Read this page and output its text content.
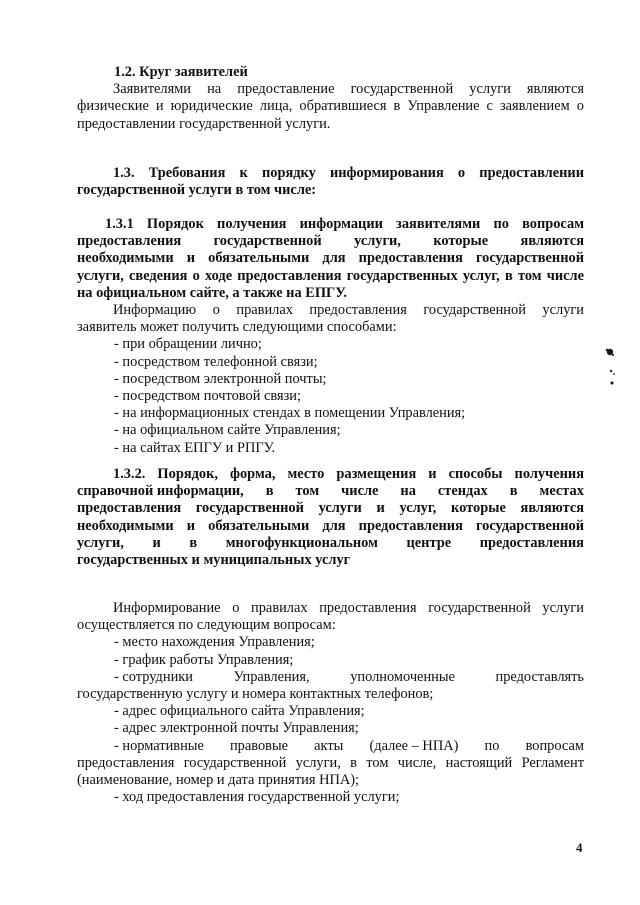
1.2. Круг заявителей

Заявителями на предоставление государственной услуги являются

физические и юридические лица, обратившиеся в Управление с заявлением о предоставлении государственной услуги.

1.3. Требования к порядку информирования о предоставлении

государственной услуги в том числе:

1.3.1 Порядок получения информации заявителями по вопросам

предоставления государственной услуги, которые являются

необходимыми и обязательными для предоставления государственной услуги, сведения о ходе предоставления государственных услуг, в том числе на официальном сайте, а также на ЕПГУ.

Информацию о правилах предоставления государственной услуги

заявитель может получить следующими способами:

- при обращении лично;

- посредством телефонной связи;

- посредством электронной почты;

- посредством почтовой связи;

- на информационных стендах в помещении Управления;

- на официальном сайте Управления;

- на сайтах ЕПГУ и РПГУ.

1.3.2. Порядок, форма, место размещения и способы получения

справочной информации, в том числе на стендах в местах

предоставления государственной услуги и услуг, которые являются

необходимыми и обязательными для предоставления государственной

услуги, и в многофункциональном центре предоставления

государственных и муниципальных услуг

Информирование о правилах предоставления государственной услуги

осуществляется по следующим вопросам:

- место нахождения Управления;

- график работы Управления;

- сотрудники	Управления,	уполномоченные	предоставлять

государственную услугу и номера контактных телефонов;

- адрес официального сайта Управления;

- адрес электронной почты Управления;

- нормативные правовые акты (далее – НПА) по вопросам

предоставления государственной услуги, в том числе, настоящий Регламент

(наименование, номер и дата принятия НПА);

- ход предоставления государственной услуги;

4
